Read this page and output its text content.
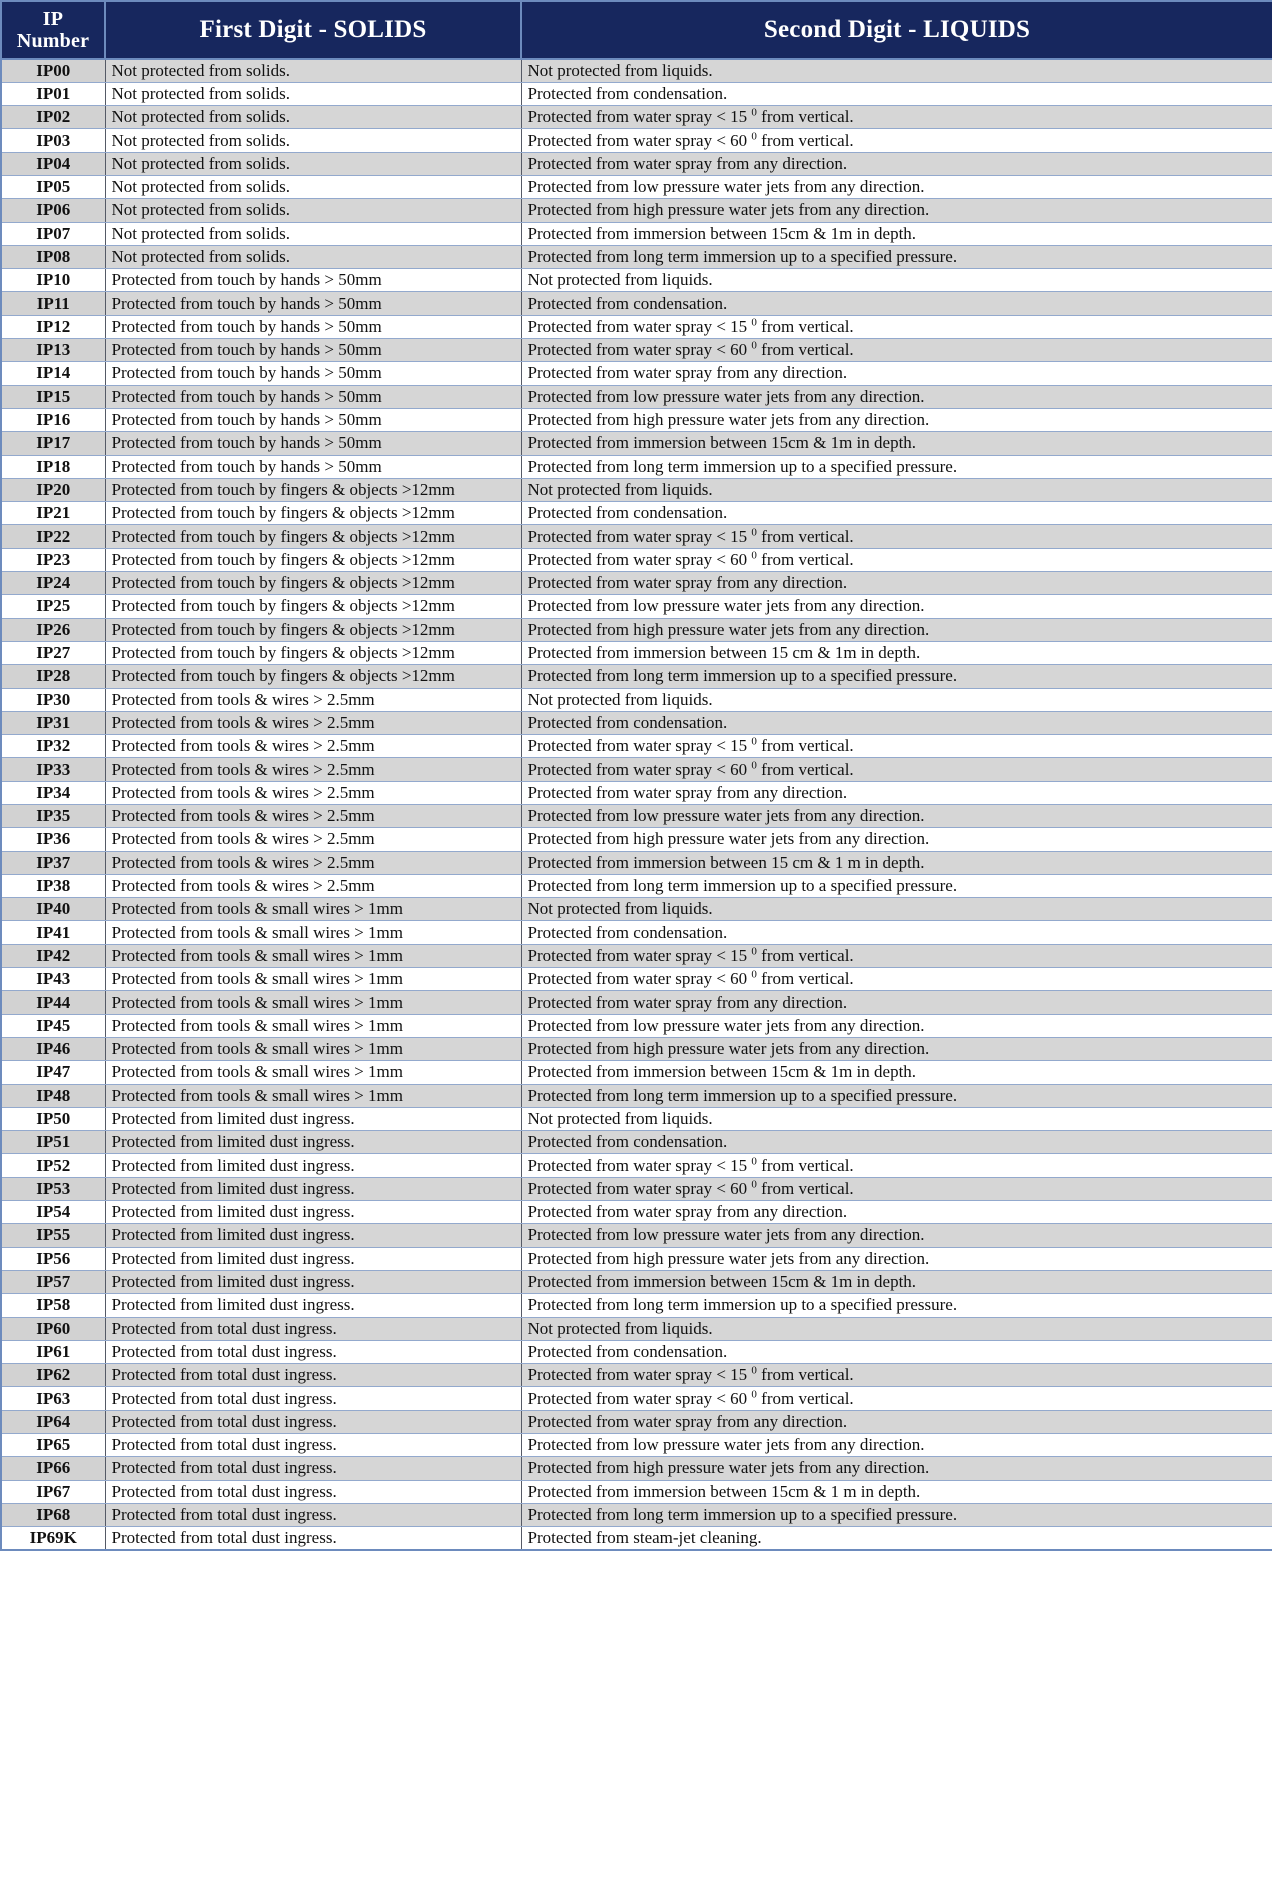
IP
Number	First Digit - SOLIDS	Second Digit - LIQUIDS
IP00	Not protected from solids.	Not protected from liquids.
IP01	Not protected from solids.	Protected from condensation.
IP02	Not protected from solids.	Protected from water spray < 15 $^0$ from vertical.
IP03	Not protected from solids.	Protected from water spray < 60 $^0$ from vertical.
IP04	Not protected from solids.	Protected from water spray from any direction.
IP05	Not protected from solids.	Protected from low pressure water jets from any direction.
IP06	Not protected from solids.	Protected from high pressure water jets from any direction.
IP07	Not protected from solids.	Protected from immersion between 15cm & 1m in depth.
IP08	Not protected from solids.	Protected from long term immersion up to a specified pressure.
IP10	Protected from touch by hands > 50mm	Not protected from liquids.
IP11	Protected from touch by hands > 50mm	Protected from condensation.
IP12	Protected from touch by hands > 50mm	Protected from water spray < 15 $^0$ from vertical.
IP13	Protected from touch by hands > 50mm	Protected from water spray < 60 $^0$ from vertical.
IP14	Protected from touch by hands > 50mm	Protected from water spray from any direction.
IP15	Protected from touch by hands > 50mm	Protected from low pressure water jets from any direction.
IP16	Protected from touch by hands > 50mm	Protected from high pressure water jets from any direction.
IP17	Protected from touch by hands > 50mm	Protected from immersion between 15cm & 1m in depth.
IP18	Protected from touch by hands > 50mm	Protected from long term immersion up to a specified pressure.
IP20	Protected from touch by fingers & objects >12mm	Not protected from liquids.
IP21	Protected from touch by fingers & objects >12mm	Protected from condensation.
IP22	Protected from touch by fingers & objects >12mm	Protected from water spray < 15 $^0$ from vertical.
IP23	Protected from touch by fingers & objects >12mm	Protected from water spray < 60 $^0$ from vertical.
IP24	Protected from touch by fingers & objects >12mm	Protected from water spray from any direction.
IP25	Protected from touch by fingers & objects >12mm	Protected from low pressure water jets from any direction.
IP26	Protected from touch by fingers & objects >12mm	Protected from high pressure water jets from any direction.
IP27	Protected from touch by fingers & objects >12mm	Protected from immersion between 15 cm & 1m in depth.
IP28	Protected from touch by fingers & objects >12mm	Protected from long term immersion up to a specified pressure.
IP30	Protected from tools & wires > 2.5mm	Not protected from liquids.
IP31	Protected from tools & wires > 2.5mm	Protected from condensation.
IP32	Protected from tools & wires > 2.5mm	Protected from water spray < 15 $^0$ from vertical.
IP33	Protected from tools & wires > 2.5mm	Protected from water spray < 60 $^0$ from vertical.
IP34	Protected from tools & wires > 2.5mm	Protected from water spray from any direction.
IP35	Protected from tools & wires > 2.5mm	Protected from low pressure water jets from any direction.
IP36	Protected from tools & wires > 2.5mm	Protected from high pressure water jets from any direction.
IP37	Protected from tools & wires > 2.5mm	Protected from immersion between 15 cm & 1 m in depth.
IP38	Protected from tools & wires > 2.5mm	Protected from long term immersion up to a specified pressure.
IP40	Protected from tools & small wires > 1mm	Not protected from liquids.
IP41	Protected from tools & small wires > 1mm	Protected from condensation.
IP42	Protected from tools & small wires > 1mm	Protected from water spray < 15 $^0$ from vertical.
IP43	Protected from tools & small wires > 1mm	Protected from water spray < 60 $^0$ from vertical.
IP44	Protected from tools & small wires > 1mm	Protected from water spray from any direction.
IP45	Protected from tools & small wires > 1mm	Protected from low pressure water jets from any direction.
IP46	Protected from tools & small wires > 1mm	Protected from high pressure water jets from any direction.
IP47	Protected from tools & small wires > 1mm	Protected from immersion between 15cm & 1m in depth.
IP48	Protected from tools & small wires > 1mm	Protected from long term immersion up to a specified pressure.
IP50	Protected from limited dust ingress.	Not protected from liquids.
IP51	Protected from limited dust ingress.	Protected from condensation.
IP52	Protected from limited dust ingress.	Protected from water spray < 15 $^0$ from vertical.
IP53	Protected from limited dust ingress.	Protected from water spray < 60 $^0$ from vertical.
IP54	Protected from limited dust ingress.	Protected from water spray from any direction.
IP55	Protected from limited dust ingress.	Protected from low pressure water jets from any direction.
IP56	Protected from limited dust ingress.	Protected from high pressure water jets from any direction.
IP57	Protected from limited dust ingress.	Protected from immersion between 15cm & 1m in depth.
IP58	Protected from limited dust ingress.	Protected from long term immersion up to a specified pressure.
IP60	Protected from total dust ingress.	Not protected from liquids.
IP61	Protected from total dust ingress.	Protected from condensation.
IP62	Protected from total dust ingress.	Protected from water spray < 15 $^0$ from vertical.
IP63	Protected from total dust ingress.	Protected from water spray < 60 $^0$ from vertical.
IP64	Protected from total dust ingress.	Protected from water spray from any direction.
IP65	Protected from total dust ingress.	Protected from low pressure water jets from any direction.
IP66	Protected from total dust ingress.	Protected from high pressure water jets from any direction.
IP67	Protected from total dust ingress.	Protected from immersion between 15cm & 1 m in depth.
IP68	Protected from total dust ingress.	Protected from long term immersion up to a specified pressure.
IP69K	Protected from total dust ingress.	Protected from steam-jet cleaning.
